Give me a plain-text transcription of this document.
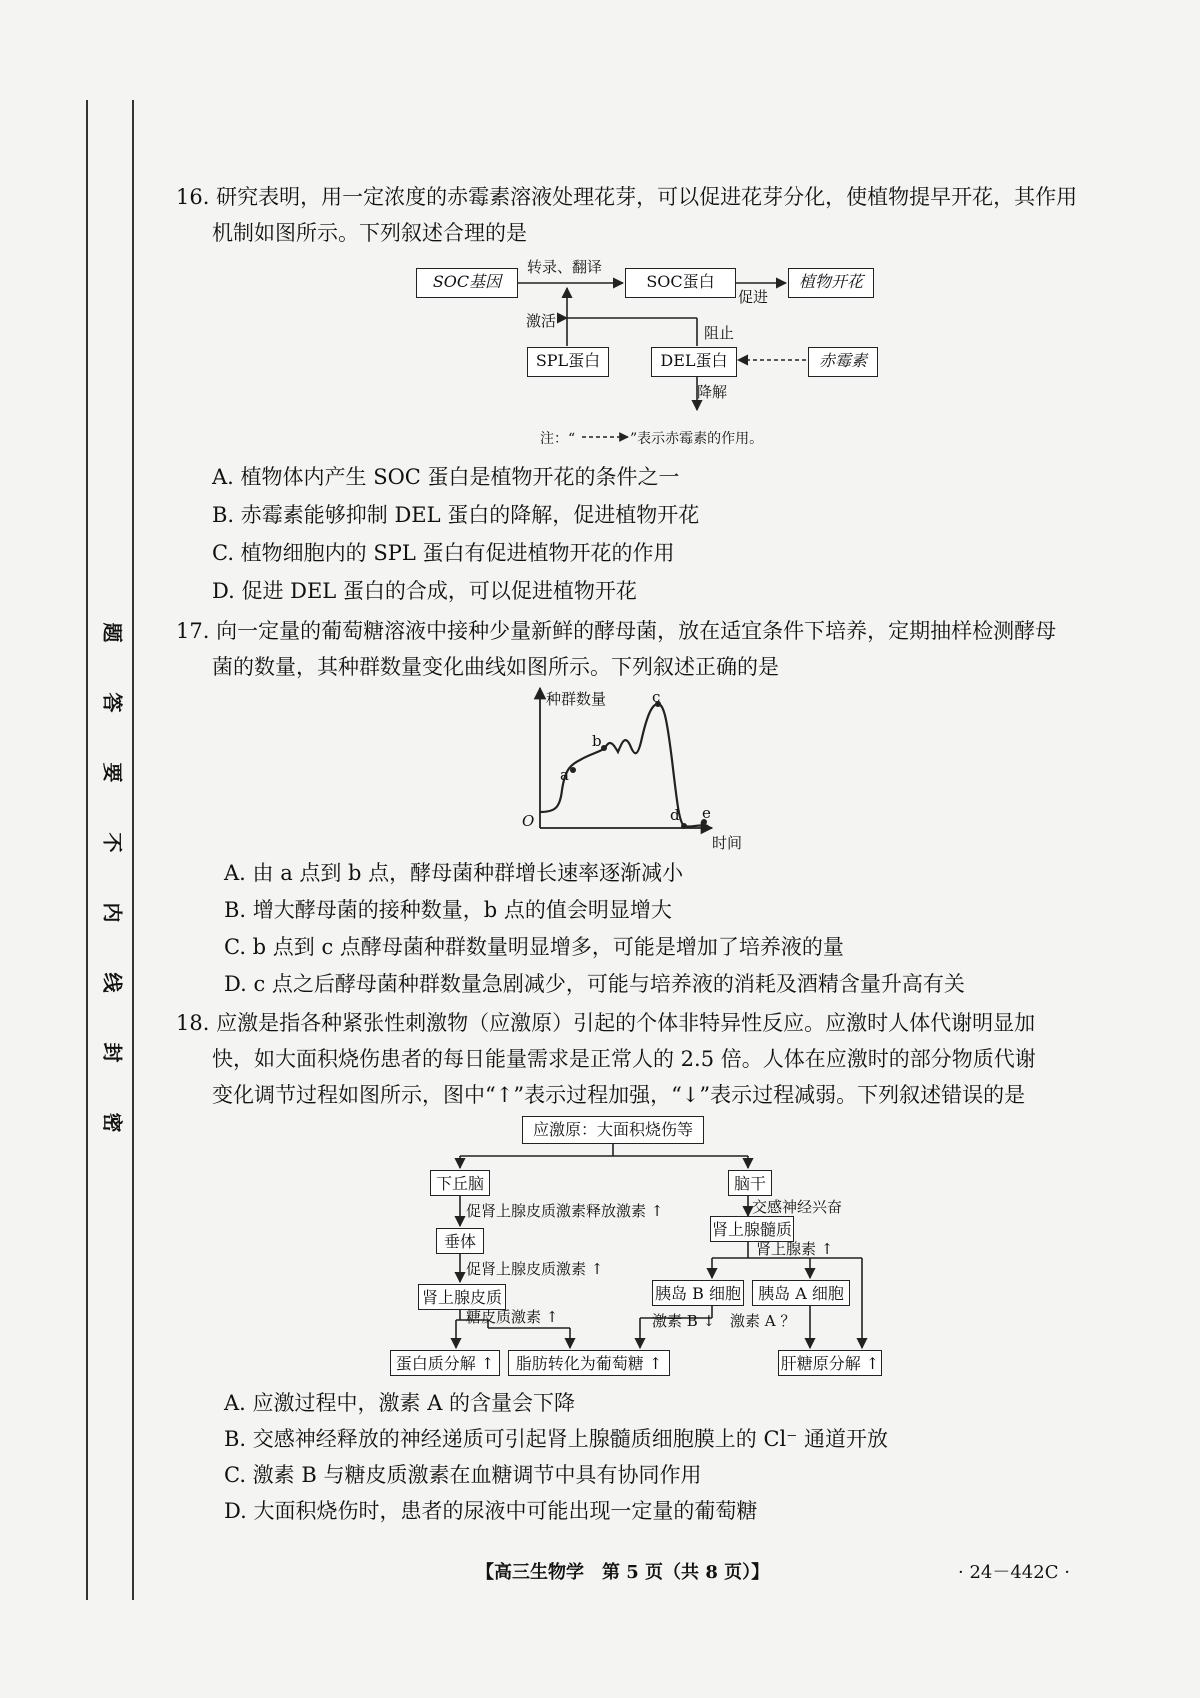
题
答
要
不
内
线
封
密
16. 研究表明，用一定浓度的赤霉素溶液处理花芽，可以促进花芽分化，使植物提早开花，其作用
机制如图所示。下列叙述合理的是
SOC基因	SOC蛋白	植物开花
SPL蛋白	DEL蛋白	赤霉素
转录、翻译
促进
激活
阻止
降解
注：“	”表示赤霉素的作用。
A. 植物体内产生 SOC 蛋白是植物开花的条件之一
B. 赤霉素能够抑制 DEL 蛋白的降解，促进植物开花
C. 植物细胞内的 SPL 蛋白有促进植物开花的作用
D. 促进 DEL 蛋白的合成，可以促进植物开花
17. 向一定量的葡萄糖溶液中接种少量新鲜的酵母菌，放在适宜条件下培养，定期抽样检测酵母
菌的数量，其种群数量变化曲线如图所示。下列叙述正确的是
种群数量
时间
O
a
b
c
d e
A. 由 a 点到 b 点，酵母菌种群增长速率逐渐减小
B. 增大酵母菌的接种数量，b 点的值会明显增大
C. b 点到 c 点酵母菌种群数量明显增多，可能是增加了培养液的量
D. c 点之后酵母菌种群数量急剧减少，可能与培养液的消耗及酒精含量升高有关
18. 应激是指各种紧张性刺激物（应激原）引起的个体非特异性反应。应激时人体代谢明显加
快，如大面积烧伤患者的每日能量需求是正常人的 2.5 倍。人体在应激时的部分物质代谢
变化调节过程如图所示，图中“↑”表示过程加强，“↓”表示过程减弱。下列叙述错误的是
应激原：大面积烧伤等
下丘脑	脑干
促肾上腺皮质激素释放激素 ↑	交感神经兴奋
垂体
肾上腺髓质
促肾上腺皮质激素 ↑
肾上腺素 ↑
肾上腺皮质	胰岛 B 细胞	胰岛 A 细胞
糖皮质激素 ↑	激素 B ↓ 激素 A ？
蛋白质分解 ↑	脂肪转化为葡萄糖 ↑	肝糖原分解 ↑
A. 应激过程中，激素 A 的含量会下降
B. 交感神经释放的神经递质可引起肾上腺髓质细胞膜上的 Cl⁻ 通道开放
C. 激素 B 与糖皮质激素在血糖调节中具有协同作用
D. 大面积烧伤时，患者的尿液中可能出现一定量的葡萄糖
【高三生物学　第 5 页（共 8 页）】	· 24－442C ·
